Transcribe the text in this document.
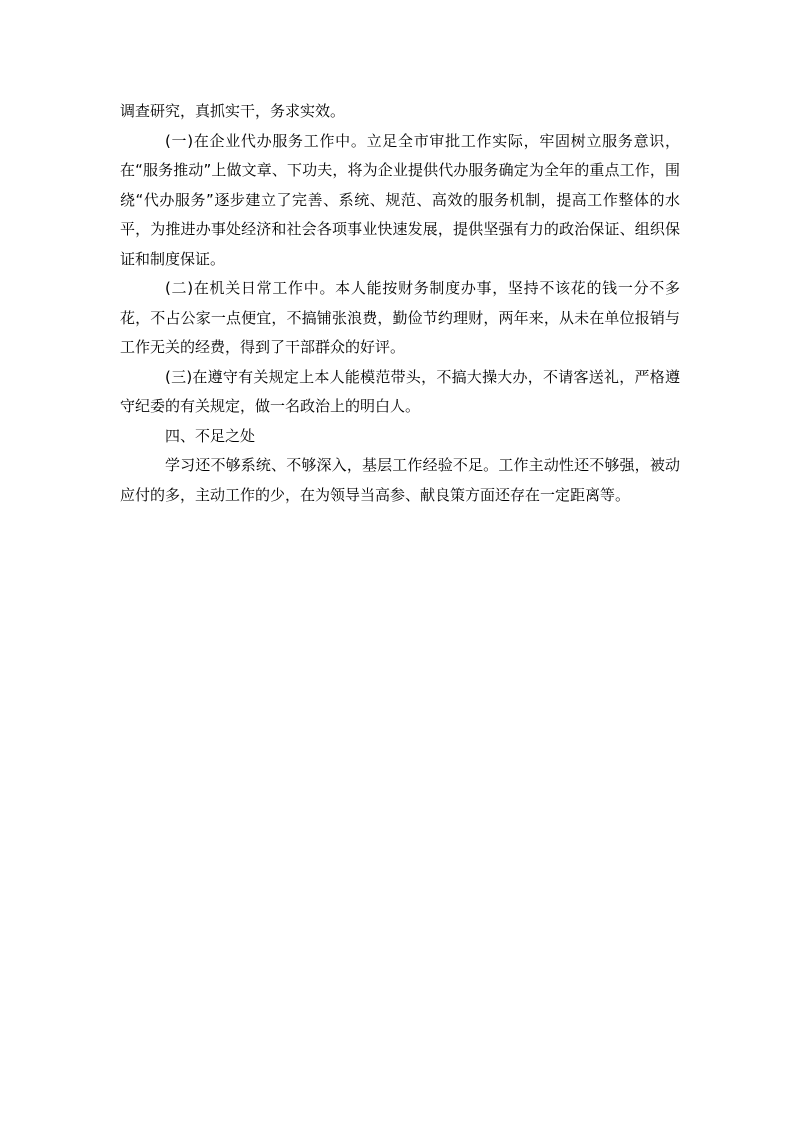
调查研究，真抓实干，务求实效。

(一)在企业代办服务工作中。立足全市审批工作实际，牢固树立服务意识，在“服务推动”上做文章、下功夫，将为企业提供代办服务确定为全年的重点工作，围绕“代办服务”逐步建立了完善、系统、规范、高效的服务机制，提高工作整体的水平，为推进办事处经济和社会各项事业快速发展，提供坚强有力的政治保证、组织保证和制度保证。

(二)在机关日常工作中。本人能按财务制度办事，坚持不该花的钱一分不多花，不占公家一点便宜，不搞铺张浪费，勤俭节约理财，两年来，从未在单位报销与工作无关的经费，得到了干部群众的好评。

(三)在遵守有关规定上本人能模范带头，不搞大操大办，不请客送礼，严格遵守纪委的有关规定，做一名政治上的明白人。

四、不足之处

学习还不够系统、不够深入，基层工作经验不足。工作主动性还不够强，被动应付的多，主动工作的少，在为领导当高参、献良策方面还存在一定距离等。
